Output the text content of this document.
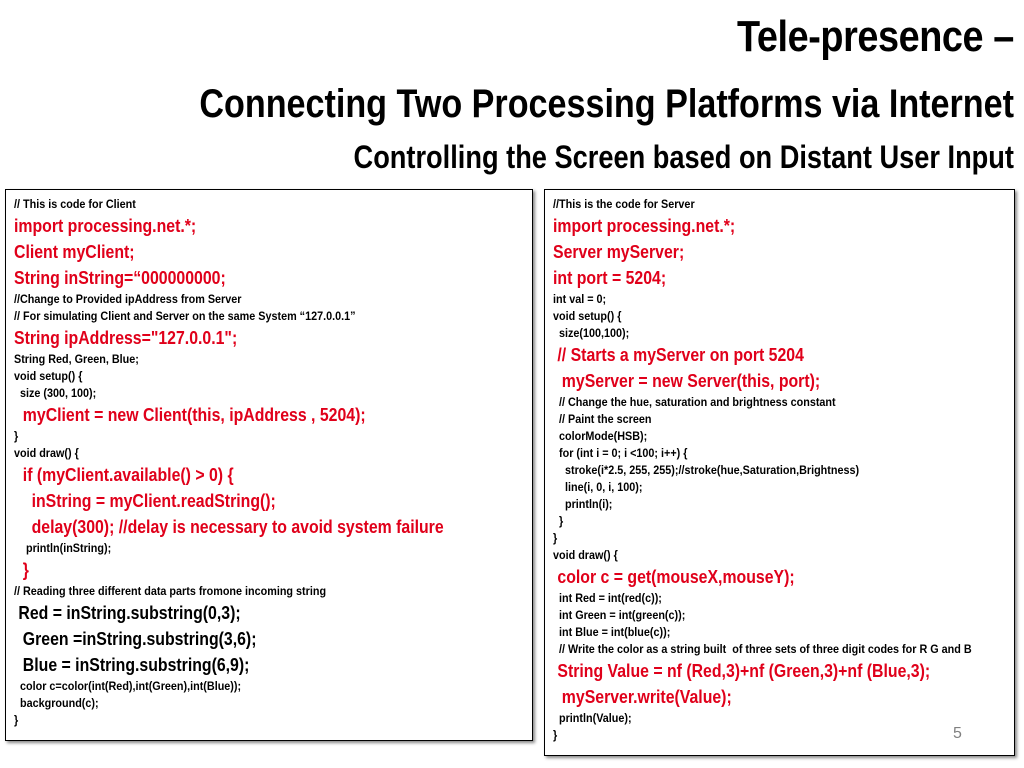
Tele-presence –
Connecting Two Processing Platforms via Internet
Controlling the Screen based on Distant User Input
// This is code for Client
import processing.net.*;
Client myClient;
String inString=“000000000;
//Change to Provided ipAddress from Server
// For simulating Client and Server on the same System “127.0.0.1”
String ipAddress="127.0.0.1";
String Red, Green, Blue;
void setup() {
size (300, 100);
myClient = new Client(this, ipAddress , 5204);
}
void draw() {
if (myClient.available() > 0) {
inString = myClient.readString();
delay(300); //delay is necessary to avoid system failure
println(inString);
}
// Reading three different data parts fromone incoming string
Red = inString.substring(0,3);
Green =inString.substring(3,6);
Blue = inString.substring(6,9);
color c=color(int(Red),int(Green),int(Blue));
background(c);
}
//This is the code for Server
import processing.net.*;
Server myServer;
int port = 5204;
int val = 0;
void setup() {
size(100,100);
// Starts a myServer on port 5204
myServer = new Server(this, port);
// Change the hue, saturation and brightness constant
// Paint the screen
colorMode(HSB);
for (int i = 0; i <100; i++) {
stroke(i*2.5, 255, 255);//stroke(hue,Saturation,Brightness)
line(i, 0, i, 100);
println(i);
}
}
void draw() {
color c = get(mouseX,mouseY);
int Red = int(red(c));
int Green = int(green(c));
int Blue = int(blue(c));
// Write the color as a string built  of three sets of three digit codes for R G and B
String Value = nf (Red,3)+nf (Green,3)+nf (Blue,3);
myServer.write(Value);
println(Value);
}	5
